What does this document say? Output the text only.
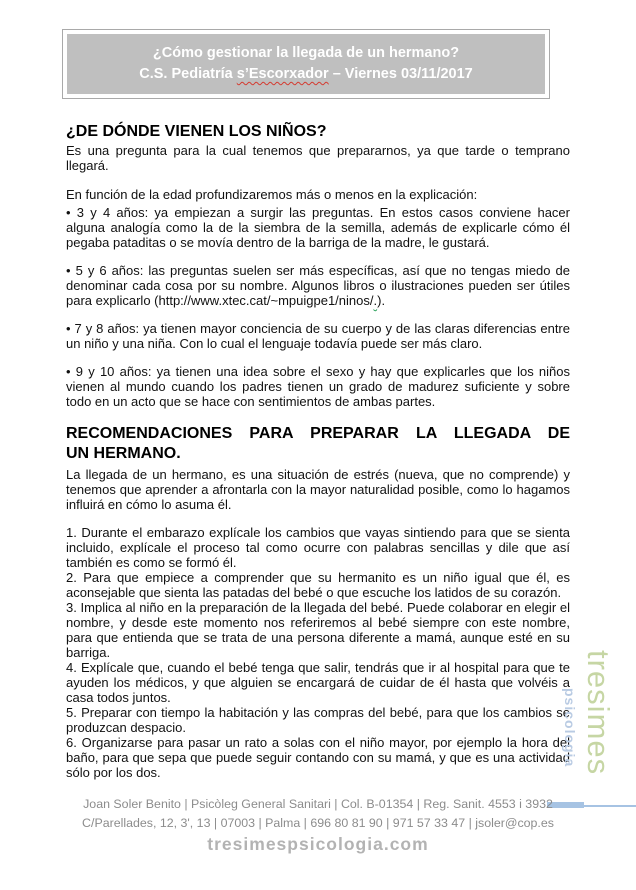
¿Cómo gestionar la llegada de un hermano?
C.S. Pediatría s’Escorxador – Viernes 03/11/2017
¿DE DÓNDE VIENEN LOS NIÑOS?

Es una pregunta para la cual tenemos que prepararnos, ya que tarde o temprano llegará.

En función de la edad profundizaremos más o menos en la explicación:

• 3 y 4 años: ya empiezan a surgir las preguntas. En estos casos conviene hacer alguna analogía como la de la siembra de la semilla, además de explicarle cómo él pegaba pataditas o se movía dentro de la barriga de la madre, le gustará.

• 5 y 6 años: las preguntas suelen ser más específicas, así que no tengas miedo de denominar cada cosa por su nombre. Algunos libros o ilustraciones pueden ser útiles para explicarlo (http://www.xtec.cat/~mpuigpe1/ninos/.).

• 7 y 8 años: ya tienen mayor conciencia de su cuerpo y de las claras diferencias entre un niño y una niña. Con lo cual el lenguaje todavía puede ser más claro.

• 9 y 10 años: ya tienen una idea sobre el sexo y hay que explicarles que los niños vienen al mundo cuando los padres tienen un grado de madurez suficiente y sobre todo en un acto que se hace con sentimientos de ambas partes.

RECOMENDACIONES PARA PREPARAR LA LLEGADA DE
UN HERMANO.

La llegada de un hermano, es una situación de estrés (nueva, que no comprende) y tenemos que aprender a afrontarla con la mayor naturalidad posible, como lo hagamos influirá en cómo lo asuma él.

1. Durante el embarazo explícale los cambios que vayas sintiendo para que se sienta incluido, explícale el proceso tal como ocurre con palabras sencillas y dile que así también es como se formó él.

2. Para que empiece a comprender que su hermanito es un niño igual que él, es aconsejable que sienta las patadas del bebé o que escuche los latidos de su corazón.

3. Implica al niño en la preparación de la llegada del bebé. Puede colaborar en elegir el nombre, y desde este momento nos referiremos al bebé siempre con este nombre, para que entienda que se trata de una persona diferente a mamá, aunque esté en su barriga.

4. Explícale que, cuando el bebé tenga que salir, tendrás que ir al hospital para que te ayuden los médicos, y que alguien se encargará de cuidar de él hasta que volvéis a casa todos juntos.

5. Preparar con tiempo la habitación y las compras del bebé, para que los cambios se produzcan despacio.

6. Organizarse para pasar un rato a solas con el niño mayor, por ejemplo la hora del baño, para que sepa que puede seguir contando con su mamá, y que es una actividad sólo por los dos.	tresimes
psicologia
Joan Soler Benito | Psicòleg General Sanitari | Col. B-01354 | Reg. Sanit. 4553 i 3932
C/Parellades, 12, 3', 13 | 07003 | Palma | 696 80 81 90 | 971 57 33 47 | jsoler@cop.es
tresimespsicologia.com
